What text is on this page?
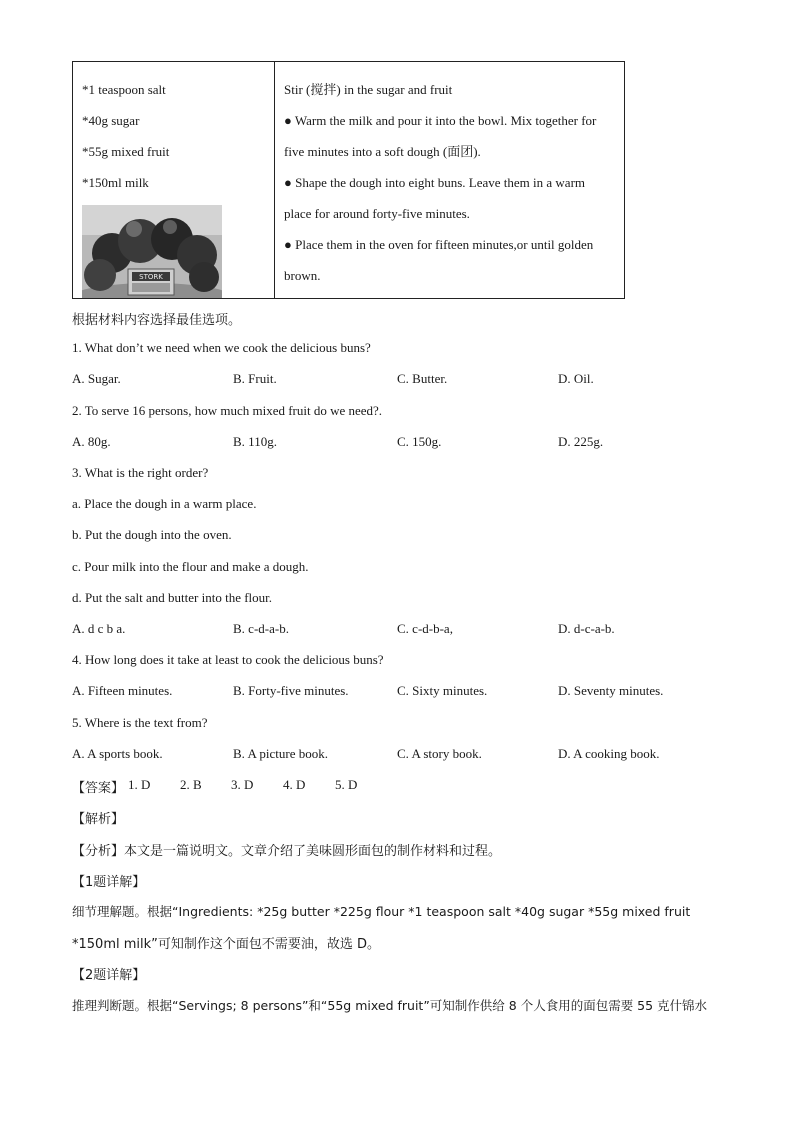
*1 teaspoon salt
*40g sugar
*55g mixed fruit
*150ml milk
STORK
Stir (搅拌) in the sugar and fruit
● Warm the milk and pour it into the bowl. Mix together for
five minutes into a soft dough (面团).
● Shape the dough into eight buns. Leave them in a warm
place for around forty-five minutes.
● Place them in the oven for fifteen minutes,or until golden
brown.
根据材料内容选择最佳选项。
1. What don’t we need when we cook the delicious buns?
A. Sugar.	B. Fruit.	C. Butter.	D. Oil.
2. To serve 16 persons, how much mixed fruit do we need?.
A. 80g.	B. 110g.	C. 150g.	D. 225g.
3. What is the right order?
a. Place the dough in a warm place.
b. Put the dough into the oven.
c. Pour milk into the flour and make a dough.
d. Put the salt and butter into the flour.
A. d c b a.	B. c-d-a-b.	C. c-d-b-a,	D. d-c-a-b.
4. How long does it take at least to cook the delicious buns?
A. Fifteen minutes.	B. Forty-five minutes.	C. Sixty minutes.	D. Seventy minutes.
5. Where is the text from?
A. A sports book.	B. A picture book.	C. A story book.	D. A cooking book.
【答案】 1. D 2. B 3. D 4. D 5. D
【解析】
【分析】本文是一篇说明文。文章介绍了美味圆形面包的制作材料和过程。
【1题详解】
细节理解题。根据“Ingredients: *25g butter *225g flour *1 teaspoon salt *40g sugar *55g mixed fruit
*150ml milk”可知制作这个面包不需要油，故选 D。
【2题详解】
推理判断题。根据“Servings; 8 persons”和“55g mixed fruit”可知制作供给 8 个人食用的面包需要 55 克什锦水
